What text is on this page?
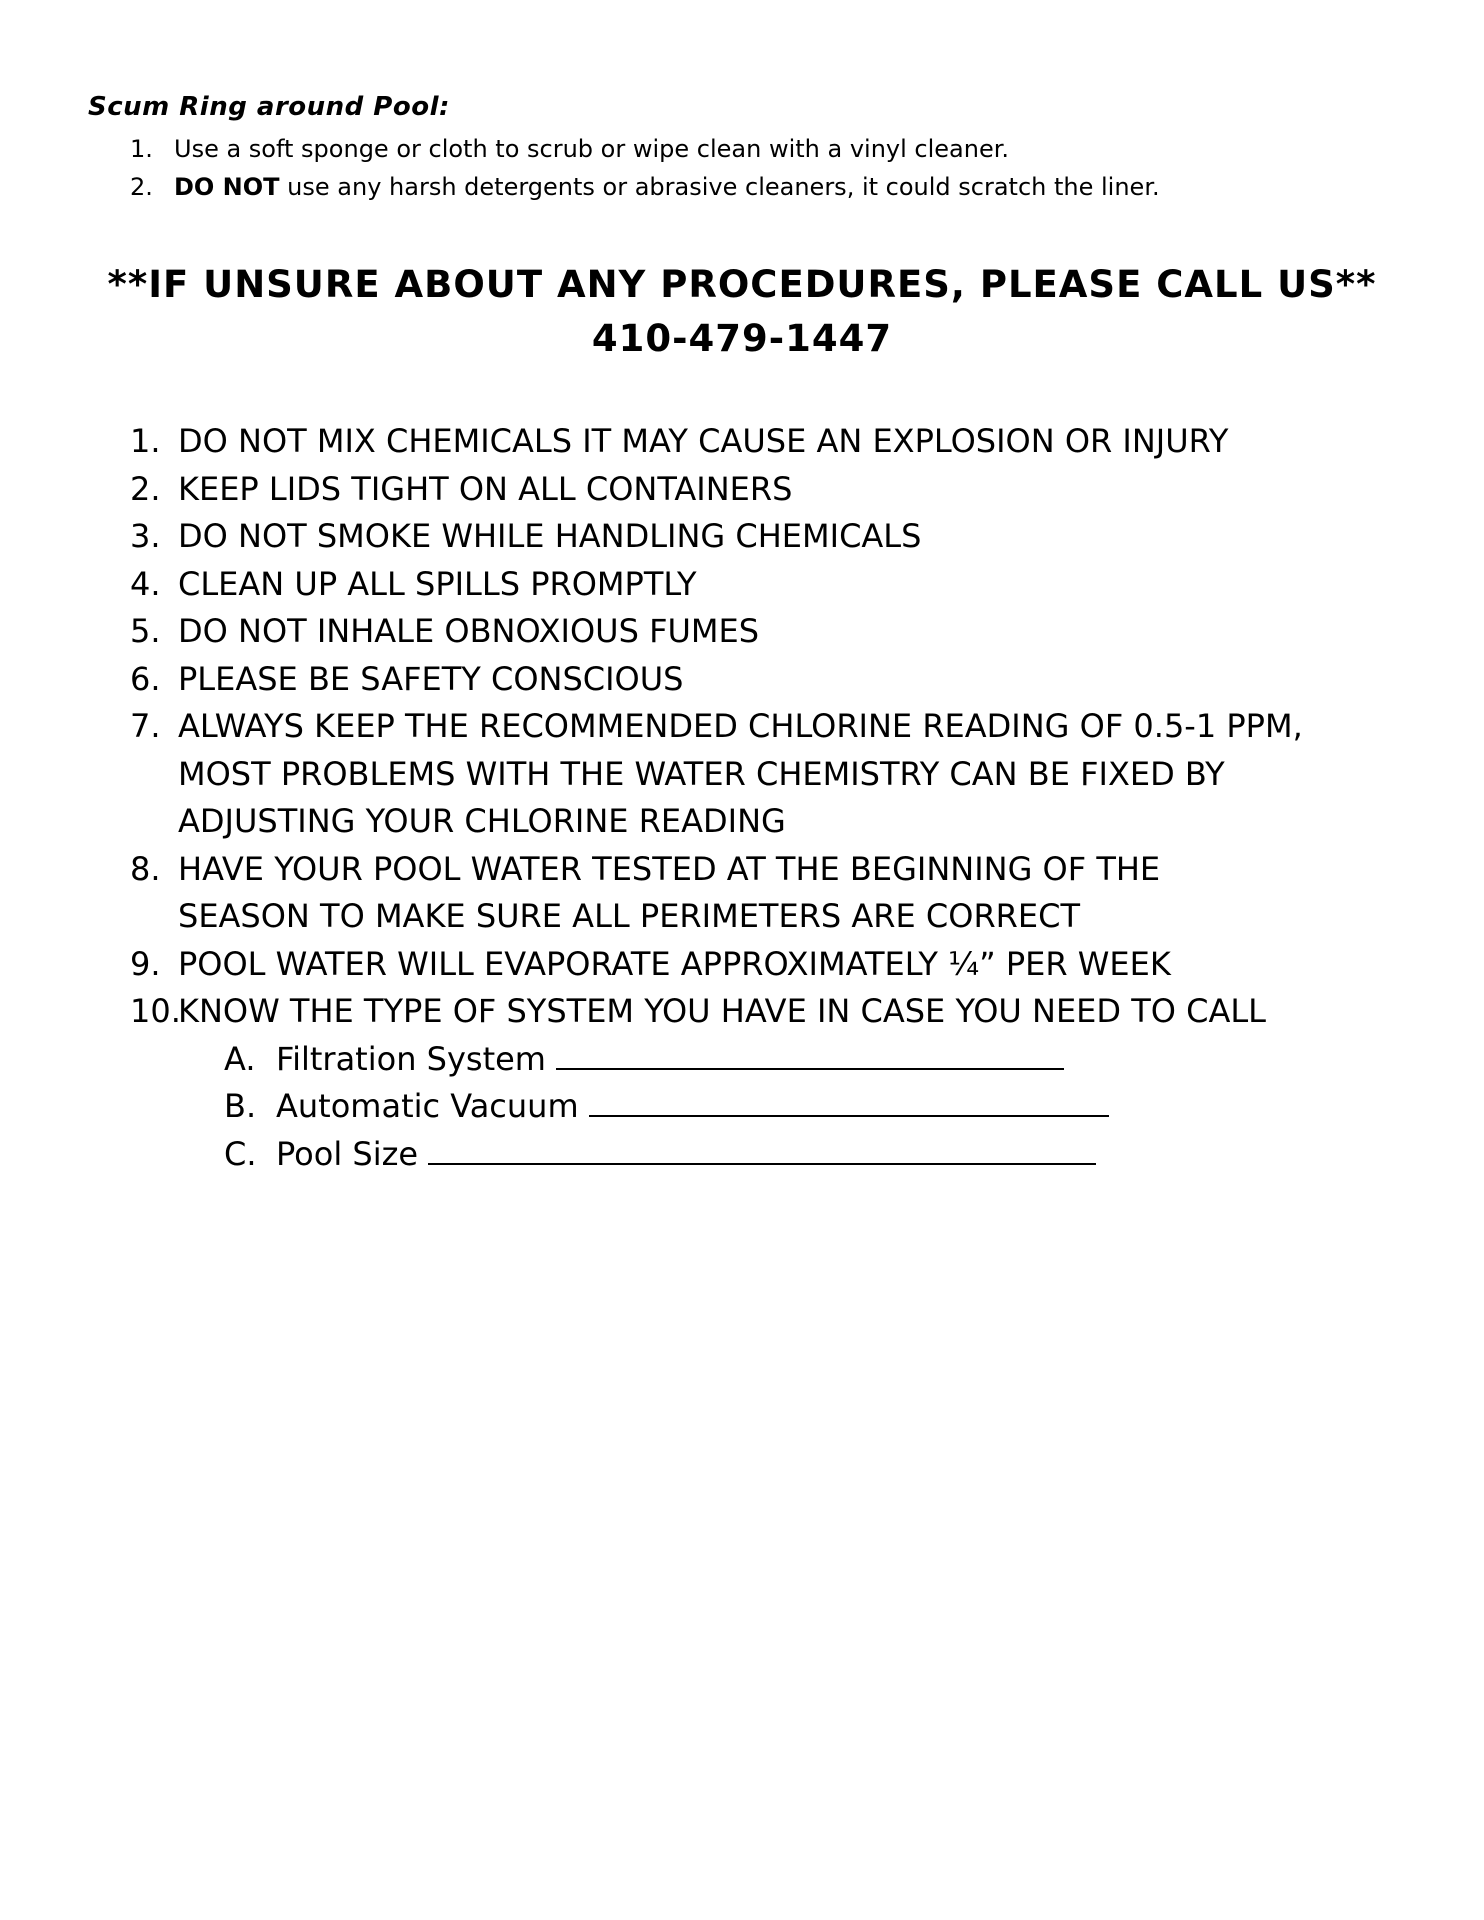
Scum Ring around Pool:
1. Use a soft sponge or cloth to scrub or wipe clean with a vinyl cleaner.
2. DO NOT use any harsh detergents or abrasive cleaners, it could scratch the liner.
**IF UNSURE ABOUT ANY PROCEDURES, PLEASE CALL US**
410-479-1447
1. DO NOT MIX CHEMICALS IT MAY CAUSE AN EXPLOSION OR INJURY
2. KEEP LIDS TIGHT ON ALL CONTAINERS
3. DO NOT SMOKE WHILE HANDLING CHEMICALS
4. CLEAN UP ALL SPILLS PROMPTLY
5. DO NOT INHALE OBNOXIOUS FUMES
6. PLEASE BE SAFETY CONSCIOUS
7. ALWAYS KEEP THE RECOMMENDED CHLORINE READING OF 0.5-1 PPM,
MOST PROBLEMS WITH THE WATER CHEMISTRY CAN BE FIXED BY
ADJUSTING YOUR CHLORINE READING
8. HAVE YOUR POOL WATER TESTED AT THE BEGINNING OF THE
SEASON TO MAKE SURE ALL PERIMETERS ARE CORRECT
9. POOL WATER WILL EVAPORATE APPROXIMATELY ¼” PER WEEK
10.
KNOW THE TYPE OF SYSTEM YOU HAVE IN CASE YOU NEED TO CALL
A. Filtration System
B. Automatic Vacuum
C. Pool Size
